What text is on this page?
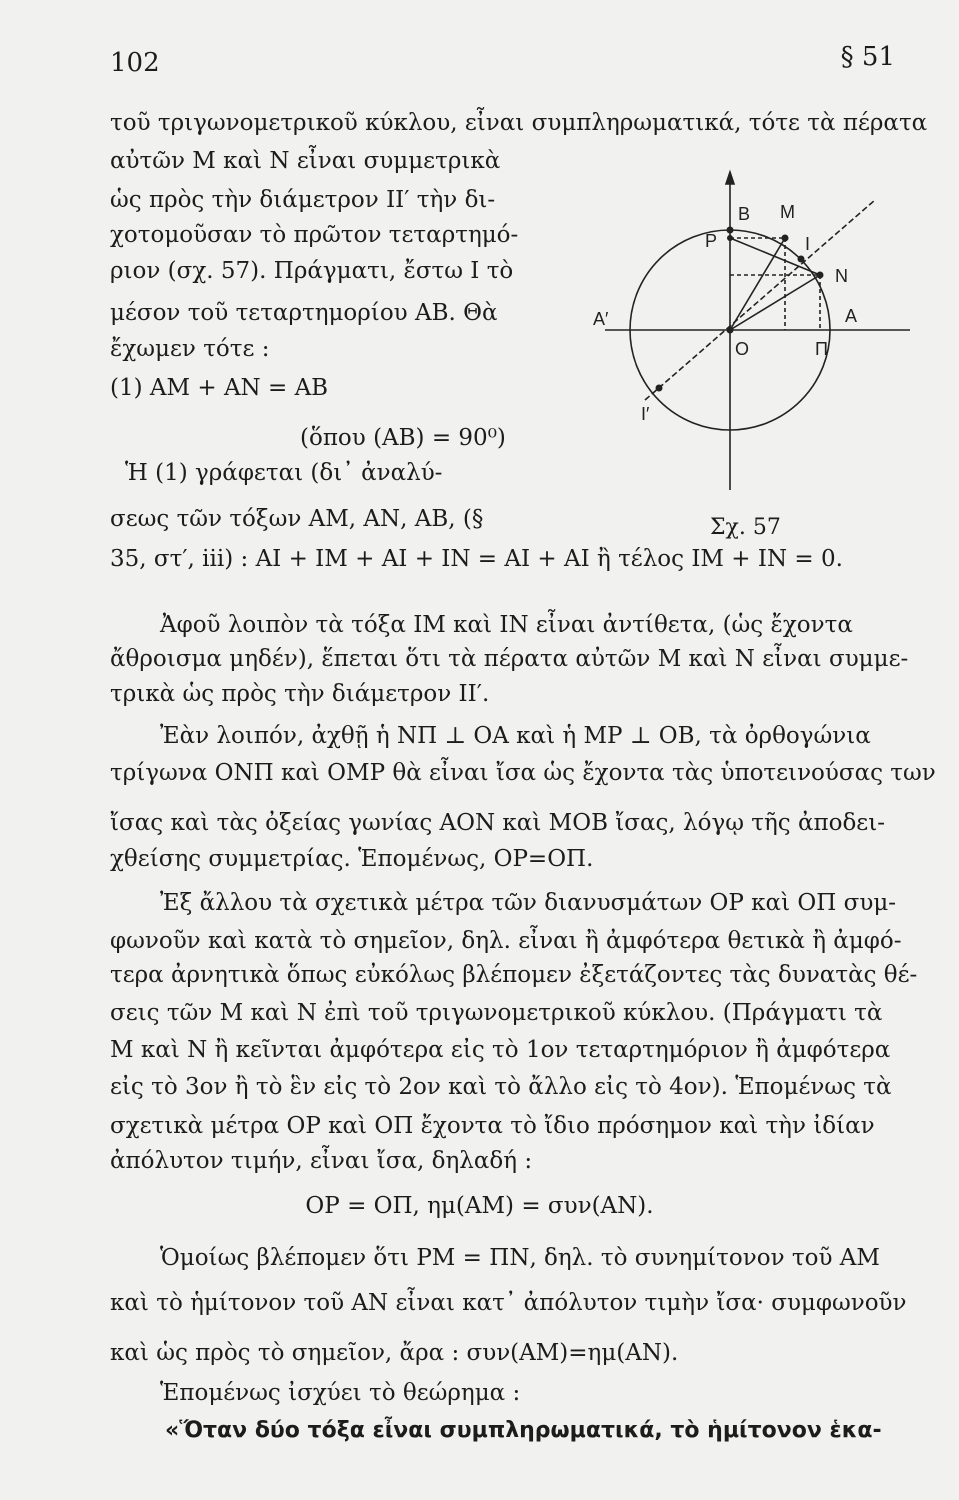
102	§ 51
τοῦ τριγωνομετρικοῦ κύκλου, εἶναι συμπληρωματικά, τότε τὰ πέρατα
αὐτῶν Μ καὶ Ν εἶναι συμμετρικὰ
ὡς πρὸς τὴν διάμετρον ΙΙ′ τὴν δι-
χοτομοῦσαν τὸ πρῶτον τεταρτημό-
ριον (σχ. 57). Πράγματι, ἔστω Ι τὸ
μέσον τοῦ τεταρτημορίου ΑΒ. Θὰ
ἔχωμεν τότε :
(1) ΑΜ + ΑΝ = ΑΒ
(ὅπου (ΑΒ) = 90⁰)
Ἡ (1) γράφεται (δι᾽ ἀναλύ-
σεως τῶν τόξων ΑΜ, ΑΝ, ΑΒ, (§
35, στ′, iii) : ΑΙ + ΙΜ + ΑΙ + ΙΝ = ΑΙ + ΑΙ ἢ τέλος ΙΜ + ΙΝ = 0.
Ἀφοῦ λοιπὸν τὰ τόξα ΙΜ καὶ ΙΝ εἶναι ἀντίθετα, (ὡς ἔχοντα
ἄθροισμα μηδέν), ἕπεται ὅτι τὰ πέρατα αὐτῶν Μ καὶ Ν εἶναι συμμε-
τρικὰ ὡς πρὸς τὴν διάμετρον ΙΙ′.
Ἐὰν λοιπόν, ἀχθῇ ἡ ΝΠ ⊥ ΟΑ καὶ ἡ ΜΡ ⊥ ΟΒ, τὰ ὀρθογώνια
τρίγωνα ΟΝΠ καὶ ΟΜΡ θὰ εἶναι ἴσα ὡς ἔχοντα τὰς ὑποτεινούσας των
ἴσας καὶ τὰς ὀξείας γωνίας ΑΟΝ καὶ ΜΟΒ ἴσας, λόγῳ τῆς ἀποδει-
χθείσης συμμετρίας. Ἑπομένως, ΟΡ=ΟΠ.
Ἐξ ἄλλου τὰ σχετικὰ μέτρα τῶν διανυσμάτων ΟΡ καὶ ΟΠ συμ-
φωνοῦν καὶ κατὰ τὸ σημεῖον, δηλ. εἶναι ἢ ἀμφότερα θετικὰ ἢ ἀμφό-
τερα ἀρνητικὰ ὅπως εὐκόλως βλέπομεν ἐξετάζοντες τὰς δυνατὰς θέ-
σεις τῶν Μ καὶ Ν ἐπὶ τοῦ τριγωνομετρικοῦ κύκλου. (Πράγματι τὰ
Μ καὶ Ν ἢ κεῖνται ἀμφότερα εἰς τὸ 1ον τεταρτημόριον ἢ ἀμφότερα
εἰς τὸ 3ον ἢ τὸ ἓν εἰς τὸ 2ον καὶ τὸ ἄλλο εἰς τὸ 4ον). Ἑπομένως τὰ
σχετικὰ μέτρα ΟΡ καὶ ΟΠ ἔχοντα τὸ ἴδιο πρόσημον καὶ τὴν ἰδίαν
ἀπόλυτον τιμήν, εἶναι ἴσα, δηλαδή :
ΟΡ = ΟΠ, ημ(ΑΜ) = συν(ΑΝ).
Ὁμοίως βλέπομεν ὅτι ΡΜ = ΠΝ, δηλ. τὸ συνημίτονον τοῦ ΑΜ
καὶ τὸ ἡμίτονον τοῦ ΑΝ εἶναι κατ᾽ ἀπόλυτον τιμὴν ἴσα· συμφωνοῦν
καὶ ὡς πρὸς τὸ σημεῖον, ἄρα : συν(ΑΜ)=ημ(ΑΝ).
Ἑπομένως ἰσχύει τὸ θεώρημα :
«Ὅταν δύο τόξα εἶναι συμπληρωματικά, τὸ ἡμίτονον ἑκα-
Β Μ
Ρ	Ι
Ν
Α′	Α
Ο	Π
Ι′
Σχ. 57
